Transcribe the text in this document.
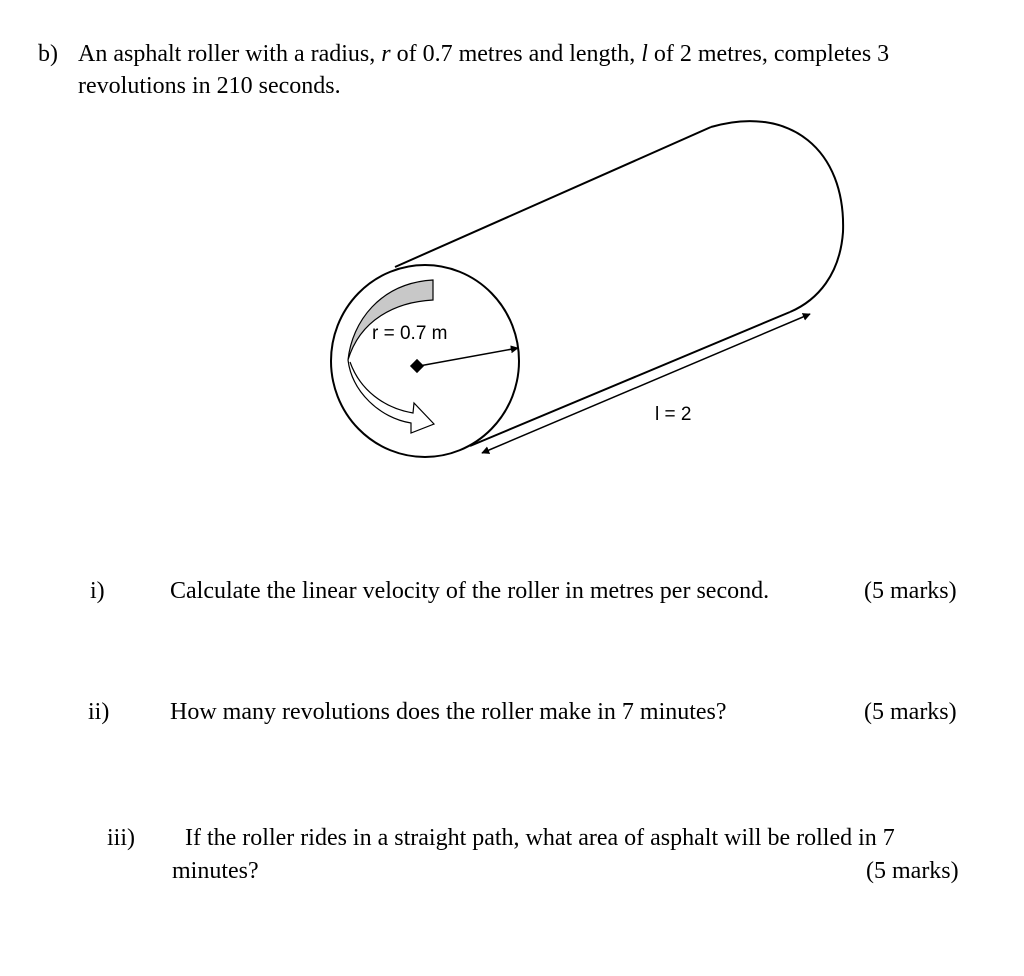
b) An asphalt roller with a radius, r of 0.7 metres and length, l of 2 metres, completes 3
revolutions in 210 seconds.
r = 0.7 m
l = 2
i)	Calculate the linear velocity of the roller in metres per second.	(5 marks)
ii)	How many revolutions does the roller make in 7 minutes?	(5 marks)
iii) If the roller rides in a straight path, what area of asphalt will be rolled in 7
minutes?	(5 marks)
